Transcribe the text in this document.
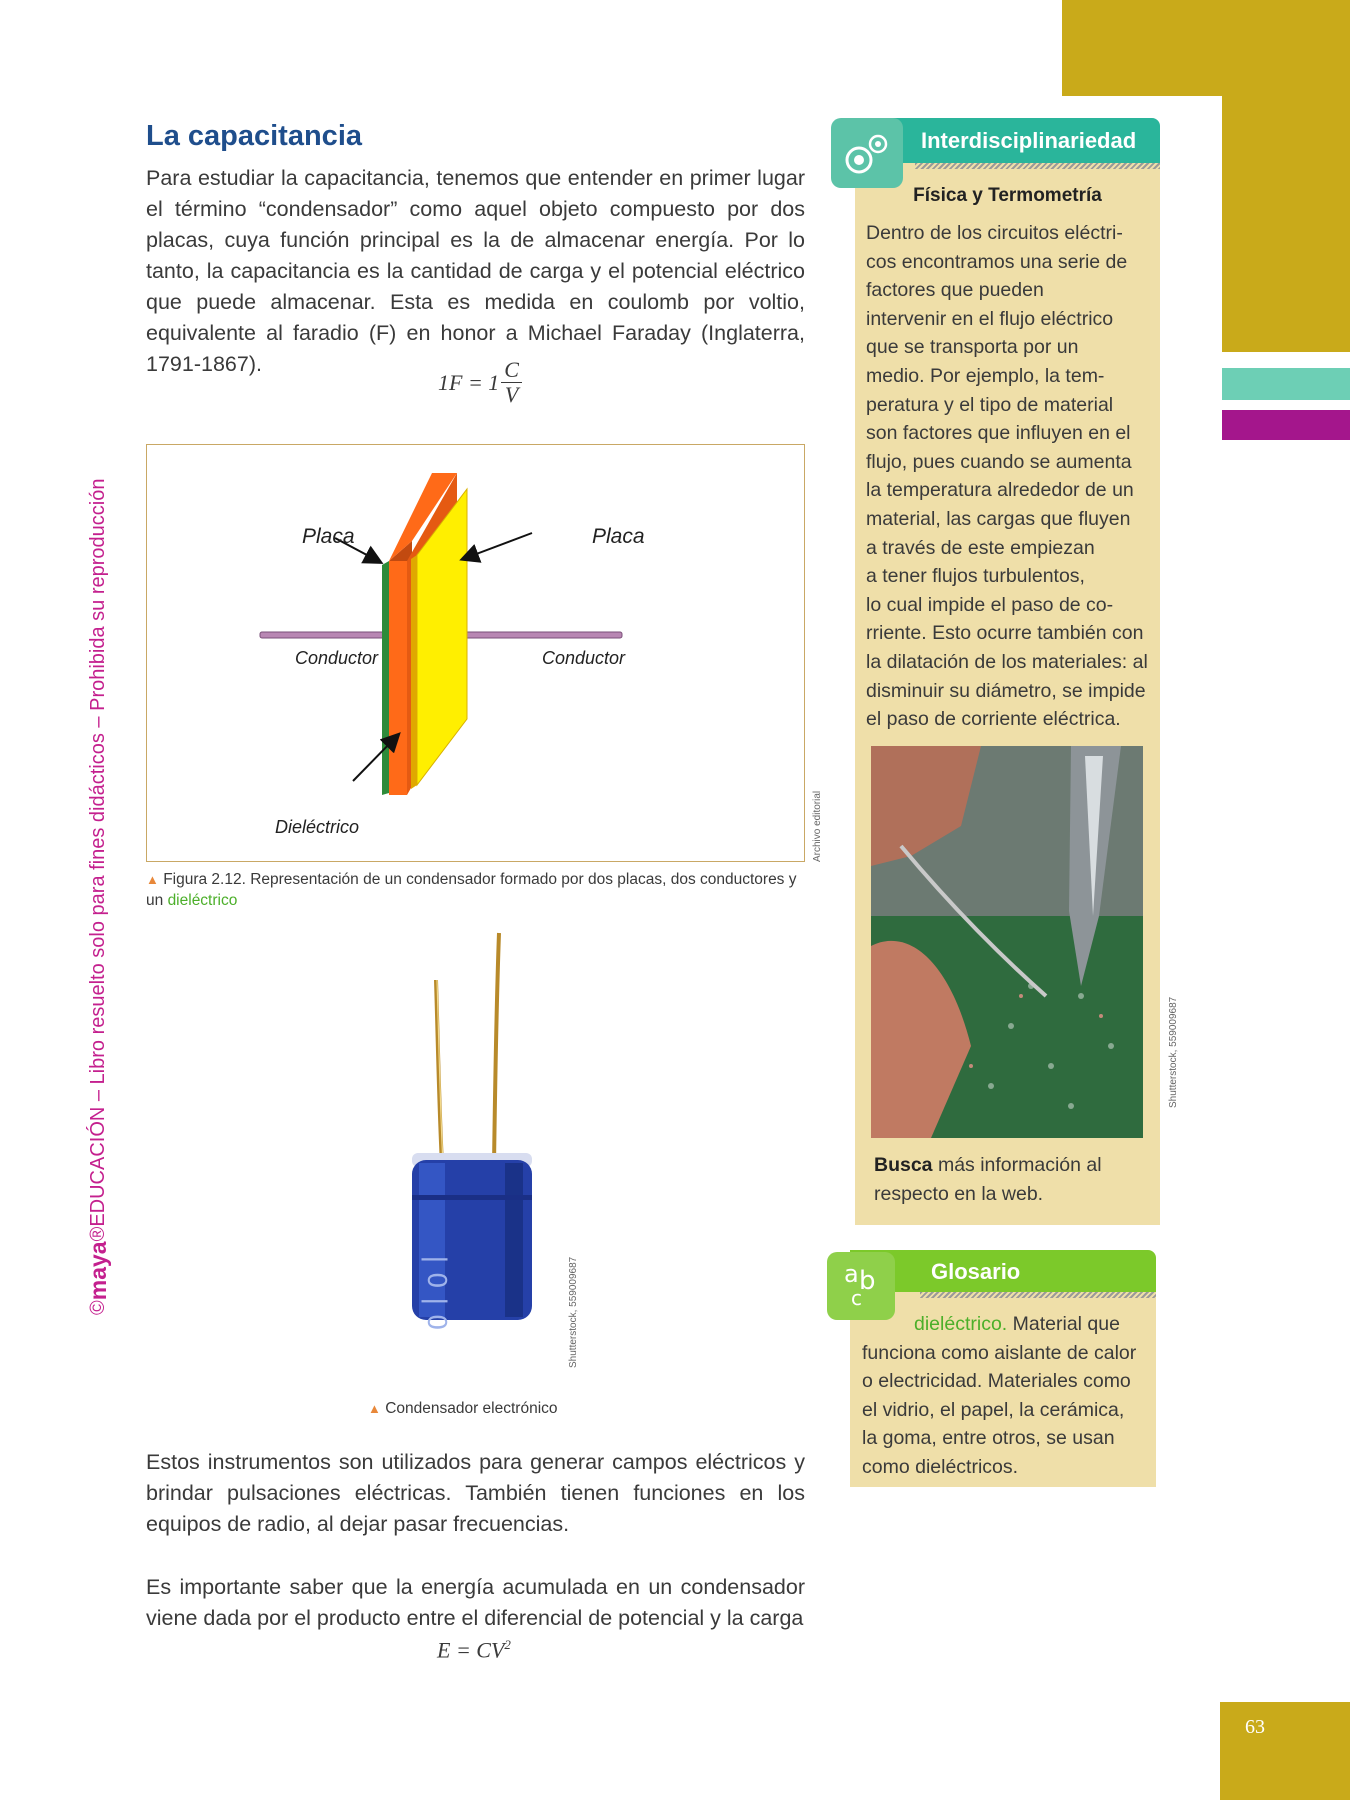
63
©
maya
®EDUCACIÓN – Libro resuelto solo para fines didácticos – Prohibida su reproducción
La capacitancia

Para estudiar la capacitancia, tenemos que entender en primer lugar el término “condensador” como aquel objeto compuesto por dos placas, cuya función principal es la de almacenar energía. Por lo tanto, la capacitancia es la cantidad de carga y el potencial eléctrico que puede almacenar. Esta es medida en coulomb por voltio, equivalente al faradio (F) en honor a Michael Faraday (Inglaterra, 1791-1867).

$1F = 1 \frac{C}{V}$
Placa	Placa
Conductor	Conductor
Dieléctrico	Archivo editorial
▲ Figura 2.12. Representación de un condensador formado por dos placas, dos conductores y un dieléctrico
| 0 | 0	Shutterstock, 559009687
▲ Condensador electrónico

Estos instrumentos son utilizados para generar campos eléctricos y brindar pulsaciones eléctricas. También tienen funciones en los equipos de radio, al dejar pasar frecuencias.

Es importante saber que la energía acumulada en un condensador viene dada por el producto entre el diferencial de potencial y la carga

$E = CV^2$
Interdisciplinariedad
Física y Termometría
Dentro de los circuitos eléctri-
cos encontramos una serie de
factores que pueden
intervenir en el flujo eléctrico
que se transporta por un
medio. Por ejemplo, la tem-
peratura y el tipo de material
son factores que influyen en el
flujo, pues cuando se aumenta
la temperatura alrededor de un
material, las cargas que fluyen
a través de este empiezan
a tener flujos turbulentos,
lo cual impide el paso de co-
rriente. Esto ocurre también con
la dilatación de los materiales: al
disminuir su diámetro, se impide
el paso de corriente eléctrica.
Shutterstock, 559009687
Busca más información al
respecto en la web.
Glosario
a b
c
dieléctrico. Material que
funciona como aislante de calor
o electricidad. Materiales como
el vidrio, el papel, la cerámica,
la goma, entre otros, se usan
como dieléctricos.
